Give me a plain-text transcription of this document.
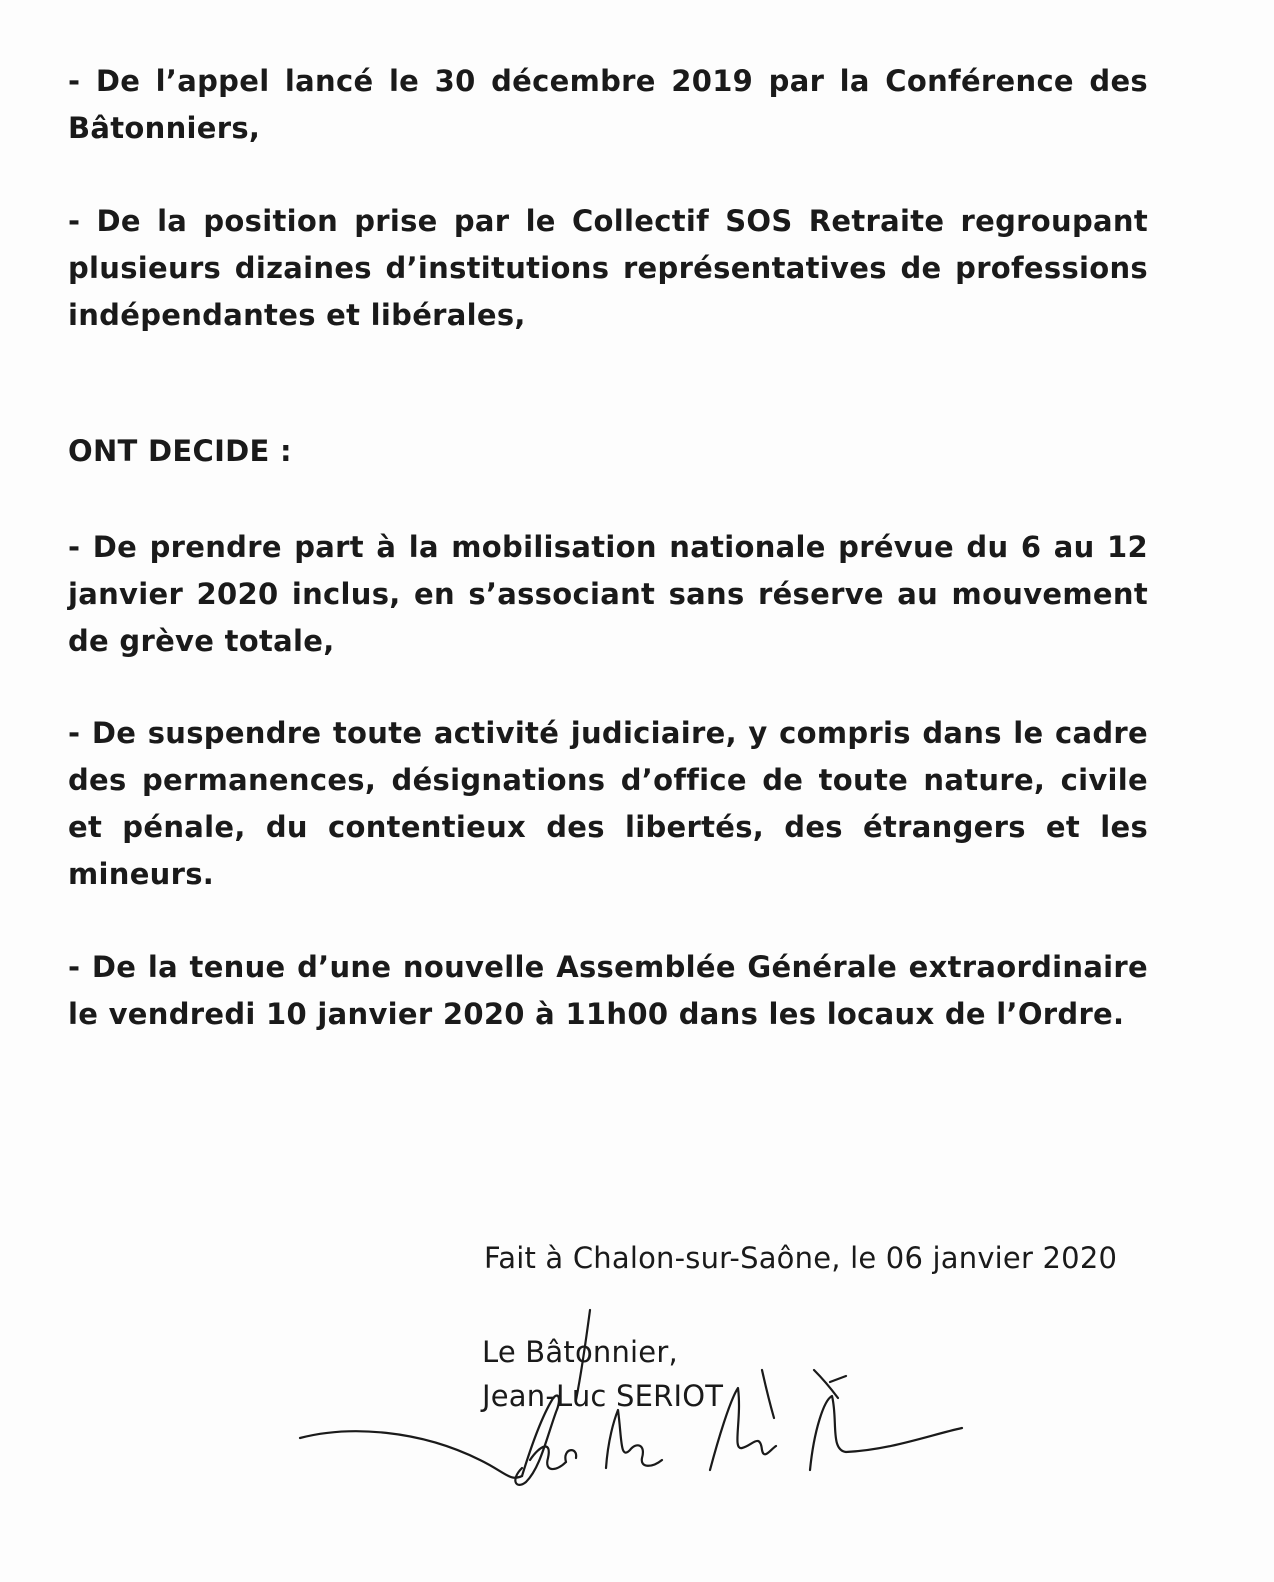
- De l’appel lancé le 30 décembre 2019 par la Conférence des Bâtonniers,
- De la position prise par le Collectif SOS Retraite regroupant plusieurs dizaines d’institutions représentatives de professions indépendantes et libérales,
ONT DECIDE :
- De prendre part à la mobilisation nationale prévue du 6 au 12 janvier 2020 inclus, en s’associant sans réserve au mouvement de grève totale,
- De suspendre toute activité judiciaire, y compris dans le cadre des permanences, désignations d’office de toute nature, civile et pénale, du contentieux des libertés, des étrangers et les mineurs.
- De la tenue d’une nouvelle Assemblée Générale extraordinaire le vendredi 10 janvier 2020 à 11h00 dans les locaux de l’Ordre.
Fait à Chalon-sur-Saône, le 06 janvier 2020
Le Bâtonnier,
Jean-Luc SERIOT
